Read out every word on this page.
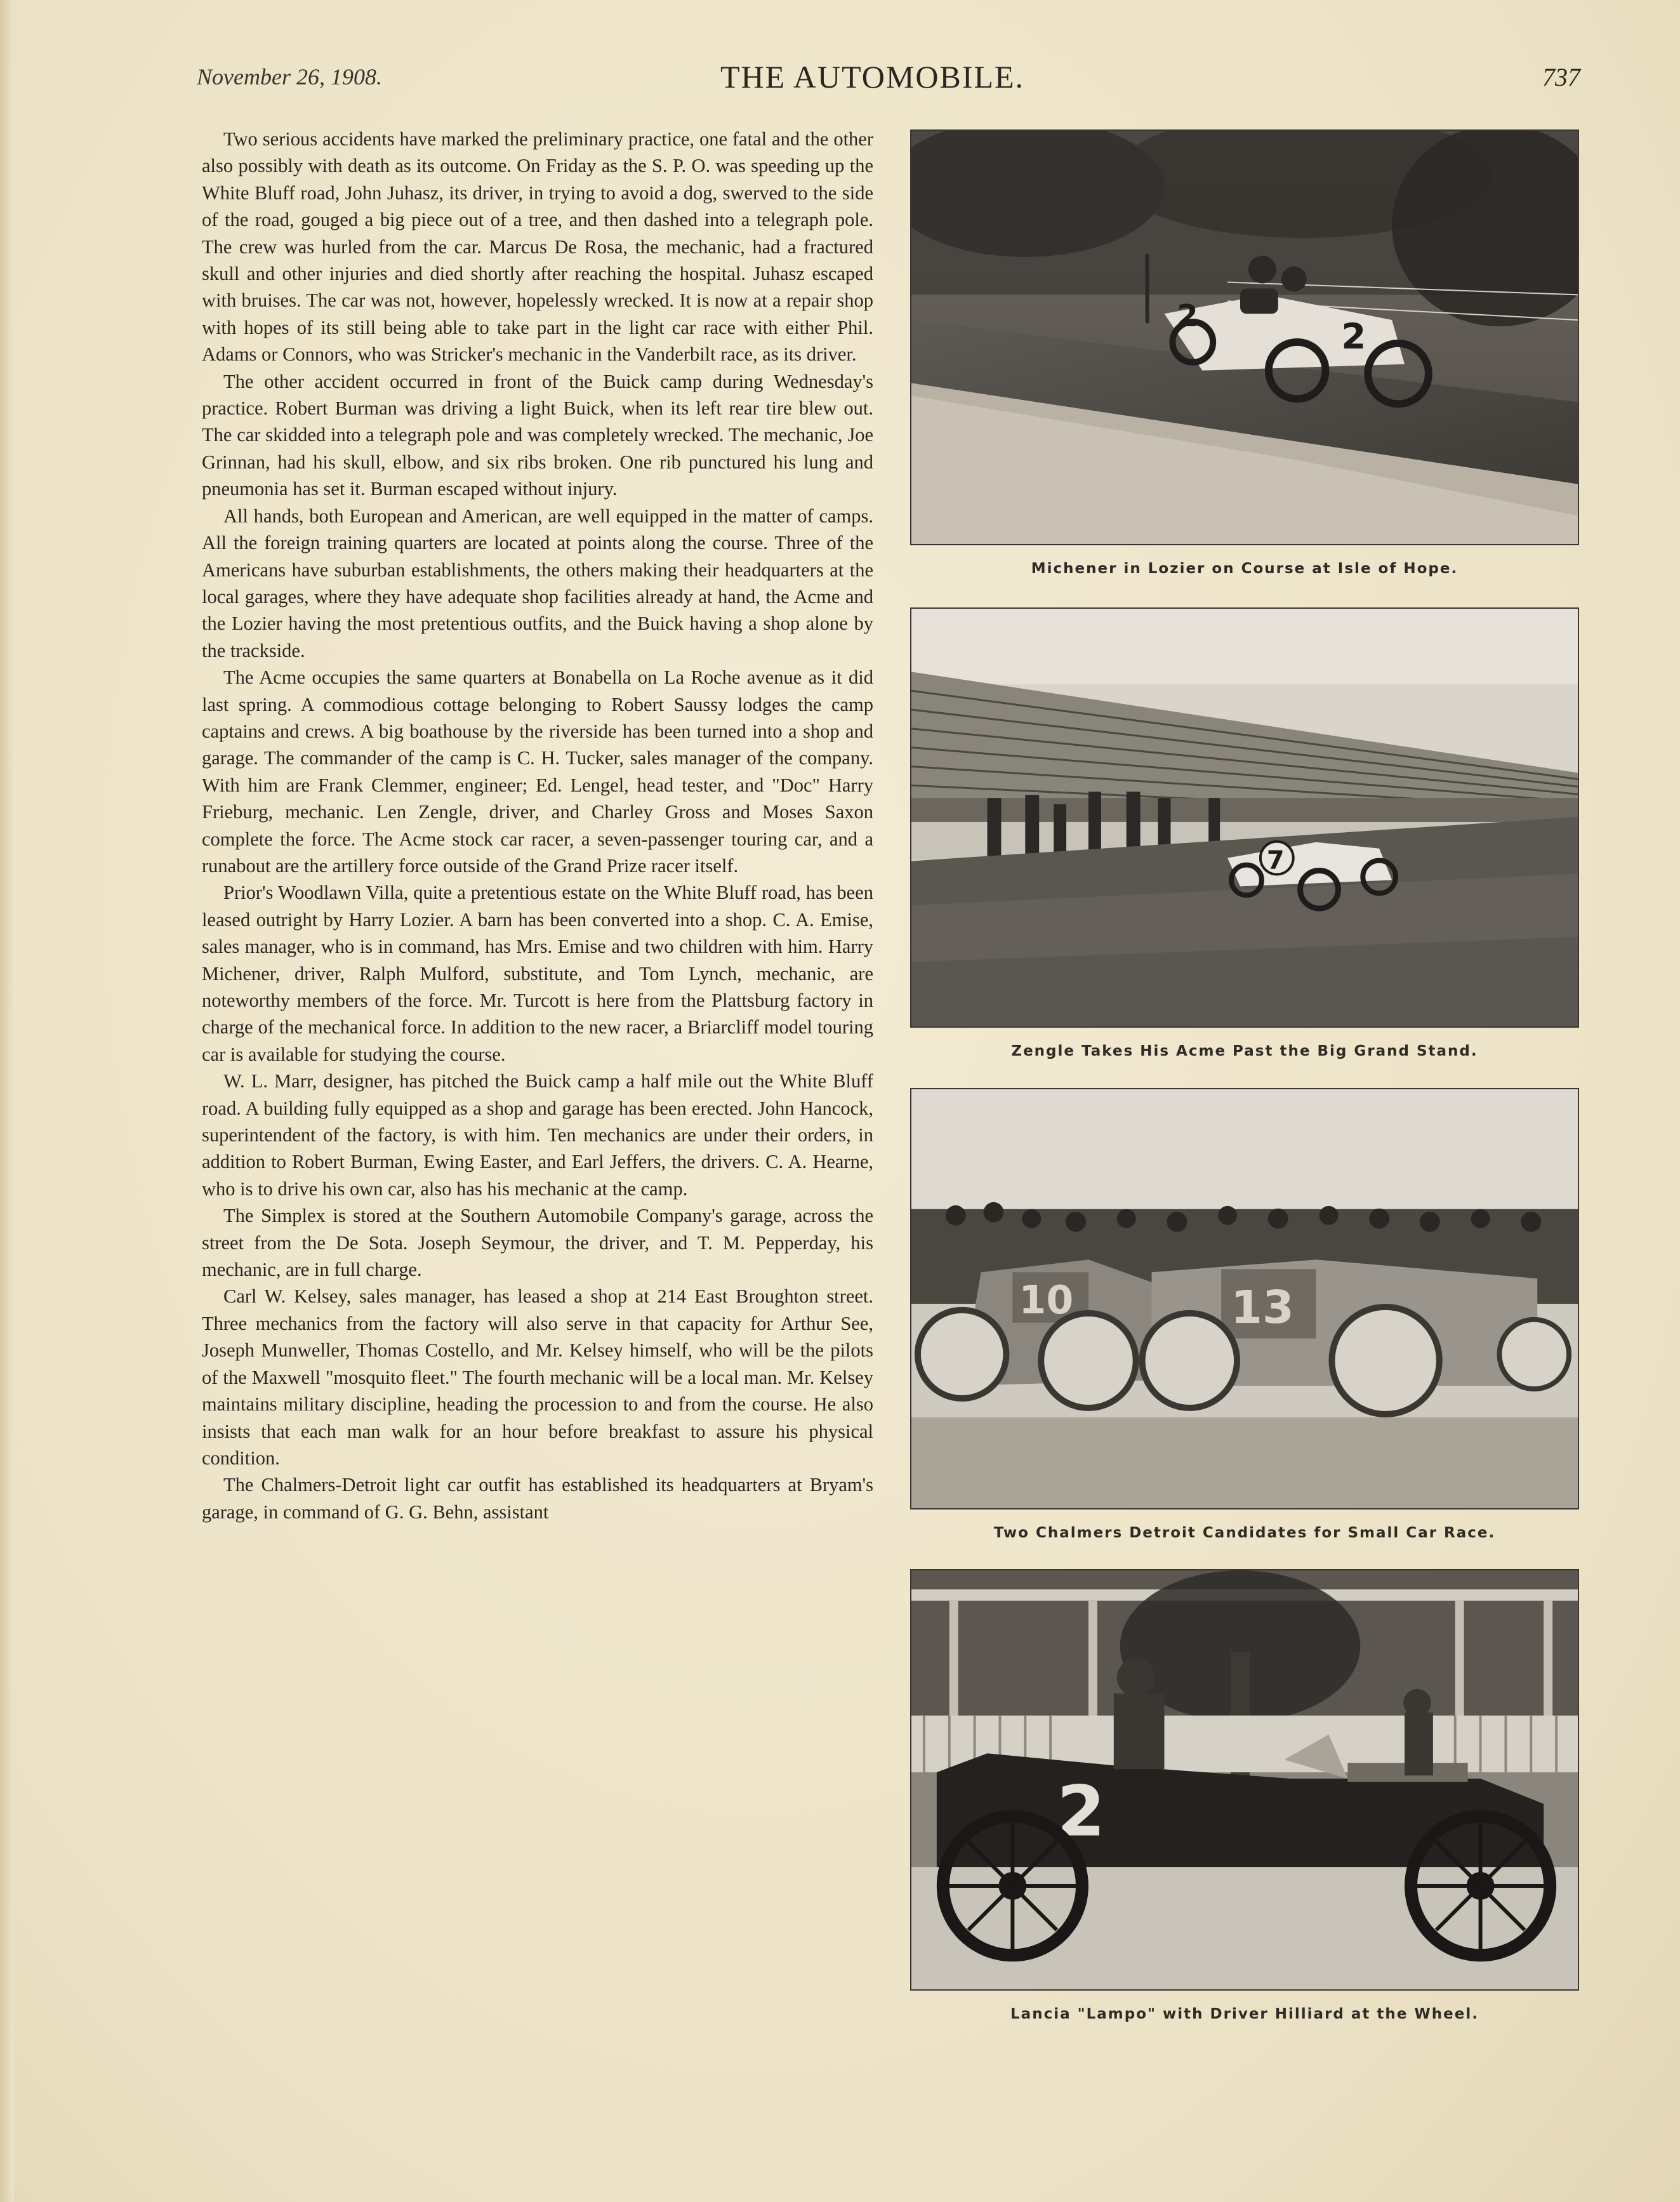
November 26, 1908.	THE AUTOMOBILE.	737

Two serious accidents have marked the preliminary practice, one fatal and the other also possibly with death as its outcome. On Friday as the S. P. O. was speeding up the White Bluff road, John Juhasz, its driver, in trying to avoid a dog, swerved to the side of the road, gouged a big piece out of a tree, and then dashed into a telegraph pole. The crew was hurled from the car. Marcus De Rosa, the mechanic, had a fractured skull and other injuries and died shortly after reaching the hospital. Juhasz escaped with bruises. The car was not, however, hopelessly wrecked. It is now at a repair shop with hopes of its still being able to take part in the light car race with either Phil. Adams or Connors, who was Stricker's mechanic in the Vanderbilt race, as its driver.

The other accident occurred in front of the Buick camp during Wednesday's practice. Robert Burman was driving a light Buick, when its left rear tire blew out. The car skidded into a telegraph pole and was completely wrecked. The mechanic, Joe Grinnan, had his skull, elbow, and six ribs broken. One rib punctured his lung and pneumonia has set it. Burman escaped without injury.

All hands, both European and American, are well equipped in the matter of camps. All the foreign training quarters are located at points along the course. Three of the Americans have suburban establishments, the others making their headquarters at the local garages, where they have adequate shop facilities already at hand, the Acme and the Lozier having the most pretentious outfits, and the Buick having a shop alone by the trackside.

The Acme occupies the same quarters at Bonabella on La Roche avenue as it did last spring. A commodious cottage belonging to Robert Saussy lodges the camp captains and crews. A big boathouse by the riverside has been turned into a shop and garage. The commander of the camp is C. H. Tucker, sales manager of the company. With him are Frank Clemmer, engineer; Ed. Lengel, head tester, and "Doc" Harry Frieburg, mechanic. Len Zengle, driver, and Charley Gross and Moses Saxon complete the force. The Acme stock car racer, a seven-passenger touring car, and a runabout are the artillery force outside of the Grand Prize racer itself.

Prior's Woodlawn Villa, quite a pretentious estate on the White Bluff road, has been leased outright by Harry Lozier. A barn has been converted into a shop. C. A. Emise, sales manager, who is in command, has Mrs. Emise and two children with him. Harry Michener, driver, Ralph Mulford, substitute, and Tom Lynch, mechanic, are noteworthy members of the force. Mr. Turcott is here from the Plattsburg factory in charge of the mechanical force. In addition to the new racer, a Briarcliff model touring car is available for studying the course.

W. L. Marr, designer, has pitched the Buick camp a half mile out the White Bluff road. A building fully equipped as a shop and garage has been erected. John Hancock, superintendent of the factory, is with him. Ten mechanics are under their orders, in addition to Robert Burman, Ewing Easter, and Earl Jeffers, the drivers. C. A. Hearne, who is to drive his own car, also has his mechanic at the camp.

The Simplex is stored at the Southern Automobile Company's garage, across the street from the De Sota. Joseph Seymour, the driver, and T. M. Pepperday, his mechanic, are in full charge.

Carl W. Kelsey, sales manager, has leased a shop at 214 East Broughton street. Three mechanics from the factory will also serve in that capacity for Arthur See, Joseph Munweller, Thomas Costello, and Mr. Kelsey himself, who will be the pilots of the Maxwell "mosquito fleet." The fourth mechanic will be a local man. Mr. Kelsey maintains military discipline, heading the procession to and from the course. He also insists that each man walk for an hour before breakfast to assure his physical condition.

The Chalmers-Detroit light car outfit has established its headquarters at Bryam's garage, in command of G. G. Behn, assistant

2	2
Michener in Lozier on Course at Isle of Hope.
7
Zengle Takes His Acme Past the Big Grand Stand.
10	13
Two Chalmers Detroit Candidates for Small Car Race.
2
Lancia "Lampo" with Driver Hilliard at the Wheel.
